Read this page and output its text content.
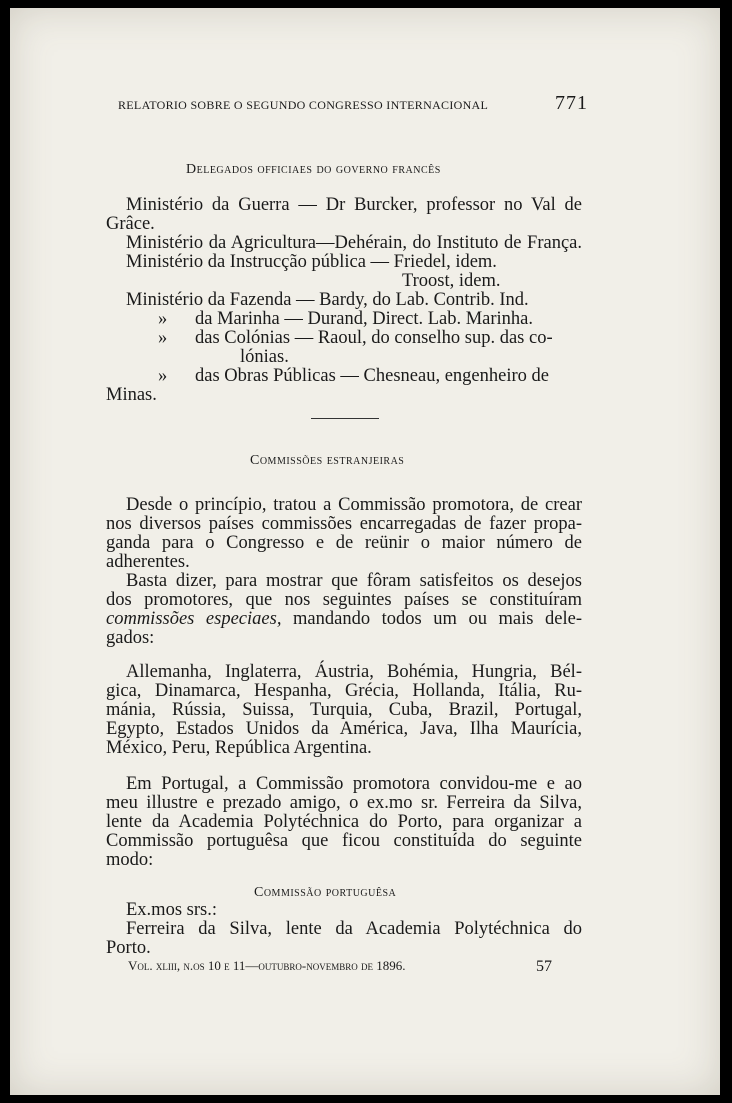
RELATORIO SOBRE O SEGUNDO CONGRESSO INTERNACIONAL	771
Delegados officiaes do governo francês
Ministério da Guerra — Dr Burcker, professor no Val de
Grâce.
Ministério da Agricultura—Dehérain, do Instituto de França.
Ministério da Instrucção pública — Friedel, idem.
Troost, idem.
Ministério da Fazenda — Bardy, do Lab. Contrib. Ind.
»      da Marinha — Durand, Direct. Lab. Marinha.
»      das Colónias — Raoul, do conselho sup. das co-
lónias.
»      das Obras Públicas — Chesneau, engenheiro de
Minas.
Commissões estranjeiras
Desde o princípio, tratou a Commissão promotora, de crear
nos diversos países commissões encarregadas de fazer propa-
ganda para o Congresso e de reünir o maior número de
adherentes.
Basta dizer, para mostrar que fôram satisfeitos os desejos
dos promotores, que nos seguintes países se constituíram
commissões especiaes, mandando todos um ou mais dele-
gados:
Allemanha, Inglaterra, Áustria, Bohémia, Hungria, Bél-
gica, Dinamarca, Hespanha, Grécia, Hollanda, Itália, Ru-
mánia, Rússia, Suissa, Turquia, Cuba, Brazil, Portugal,
Egypto, Estados Unidos da América, Java, Ilha Maurícia,
México, Peru, República Argentina.
Em Portugal, a Commissão promotora convidou-me e ao
meu illustre e prezado amigo, o ex.mo sr. Ferreira da Silva,
lente da Academia Polytéchnica do Porto, para organizar a
Commissão portuguêsa que ficou constituída do seguinte
modo:
Commissão portuguêsa
Ex.mos srs.:
Ferreira da Silva, lente da Academia Polytéchnica do
Porto.
Vol. xliii, n.os 10 e 11—outubro-novembro de 1896.	57
